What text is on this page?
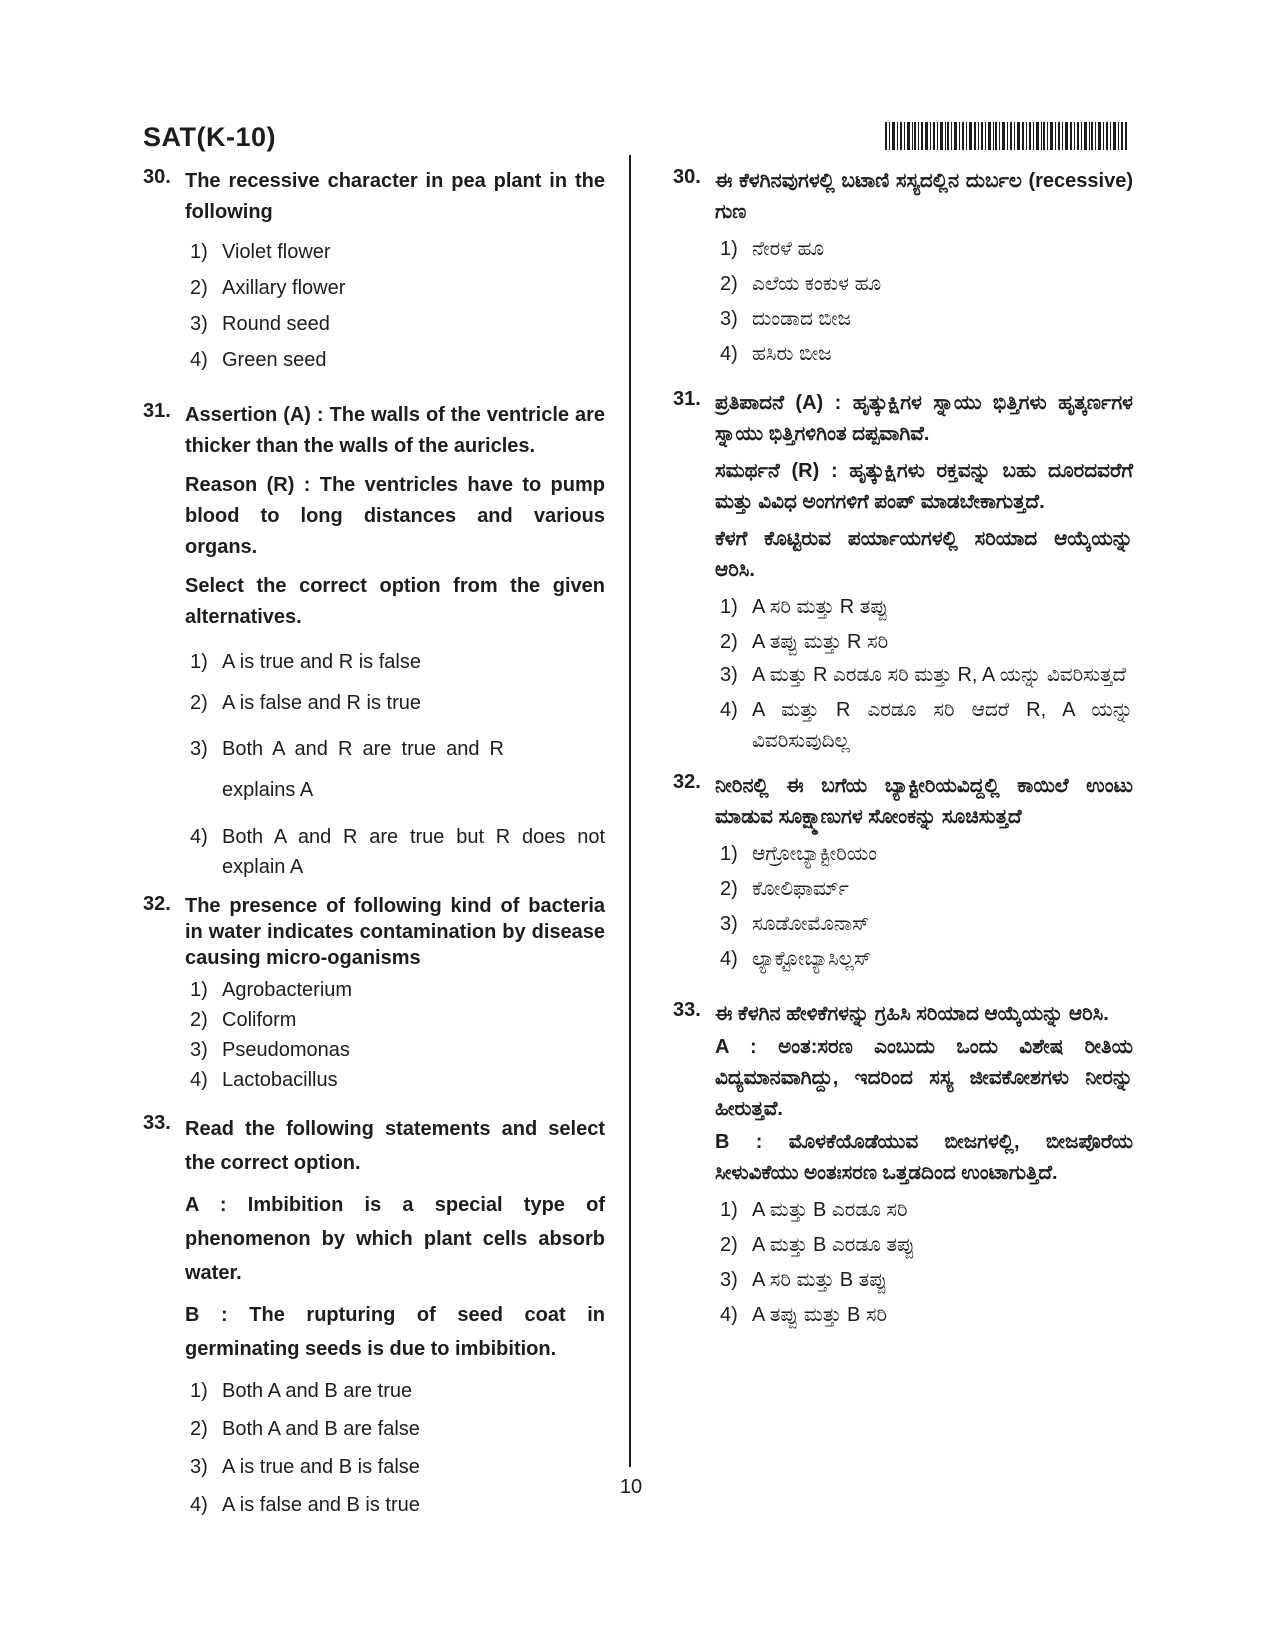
SAT(K-10)
30. The recessive character in pea plant in the following
1) Violet flower
2) Axillary flower
3) Round seed
4) Green seed
31. Assertion (A) : The walls of the ventricle are thicker than the walls of the auricles.
Reason (R) : The ventricles have to pump blood to long distances and various organs.
Select the correct option from the given alternatives.
1) A is true and R is false
2) A is false and R is true
3) Both A and R are true and R explains A
4) Both A and R are true but R does not explain A
32. The presence of following kind of bacteria in water indicates contamination by disease causing micro-oganisms
1) Agrobacterium
2) Coliform
3) Pseudomonas
4) Lactobacillus
33. Read the following statements and select the correct option.
A : Imbibition is a special type of phenomenon by which plant cells absorb water.
B : The rupturing of seed coat in germinating seeds is due to imbibition.
1) Both A and B are true
2) Both A and B are false
3) A is true and B is false
4) A is false and B is true
30. ಈ ಕೆಳಗಿನವುಗಳಲ್ಲಿ ಬಟಾಣಿ ಸಸ್ಯದಲ್ಲಿನ ದುರ್ಬಲ (recessive) ಗುಣ
1) ನೇರಳೆ ಹೂ
2) ಎಲೆಯ ಕಂಕುಳ ಹೂ
3) ದುಂಡಾದ ಬೀಜ
4) ಹಸಿರು ಬೀಜ
31. ಪ್ರತಿಪಾದನೆ (A) : ಹೃತ್ಕುಕ್ಷಿಗಳ ಸ್ನಾಯು ಭಿತ್ತಿಗಳು ಹೃತ್ಕರ್ಣಗಳ ಸ್ನಾಯು ಭಿತ್ತಿಗಳಿಗಿಂತ ದಪ್ಪವಾಗಿವೆ.
ಸಮರ್ಥನೆ (R) : ಹೃತ್ಕುಕ್ಷಿಗಳು ರಕ್ತವನ್ನು ಬಹು ದೂರದವರೆಗೆ ಮತ್ತು ವಿವಿಧ ಅಂಗಗಳಿಗೆ ಪಂಪ್ ಮಾಡಬೇಕಾಗುತ್ತದೆ.
ಕೆಳಗೆ ಕೊಟ್ಟಿರುವ ಪರ್ಯಾಯಗಳಲ್ಲಿ ಸರಿಯಾದ ಆಯ್ಕೆಯನ್ನು ಆರಿಸಿ.
1) A ಸರಿ ಮತ್ತು R ತಪ್ಪು
2) A ತಪ್ಪು ಮತ್ತು R ಸರಿ
3) A ಮತ್ತು R ಎರಡೂ ಸರಿ ಮತ್ತು R, A ಯನ್ನು ವಿವರಿಸುತ್ತದೆ
4) A ಮತ್ತು R ಎರಡೂ ಸರಿ ಆದರೆ R, A ಯನ್ನು ವಿವರಿಸುವುದಿಲ್ಲ
32. ನೀರಿನಲ್ಲಿ ಈ ಬಗೆಯ ಬ್ಯಾಕ್ಟೀರಿಯವಿದ್ದಲ್ಲಿ ಕಾಯಿಲೆ ಉಂಟು ಮಾಡುವ ಸೂಕ್ಷ್ಮಾಣುಗಳ ಸೋಂಕನ್ನು ಸೂಚಿಸುತ್ತದೆ
1) ಆಗ್ರೋಬ್ಯಾಕ್ಟೀರಿಯಂ
2) ಕೋಲಿಫಾರ್ಮ್
3) ಸೂಡೋಮೊನಾಸ್
4) ಲ್ಯಾಕ್ಟೋಬ್ಯಾಸಿಲ್ಲಸ್
33. ಈ ಕೆಳಗಿನ ಹೇಳಿಕೆಗಳನ್ನು ಗ್ರಹಿಸಿ ಸರಿಯಾದ ಆಯ್ಕೆಯನ್ನು ಆರಿಸಿ.
A : ಅಂತ:ಸರಣ ಎಂಬುದು ಒಂದು ವಿಶೇಷ ರೀತಿಯ ವಿದ್ಯಮಾನವಾಗಿದ್ದು, ಇದರಿಂದ ಸಸ್ಯ ಜೀವಕೋಶಗಳು ನೀರನ್ನು ಹೀರುತ್ತವೆ.
B : ಮೊಳಕೆಯೊಡೆಯುವ ಬೀಜಗಳಲ್ಲಿ, ಬೀಜಪೊರೆಯ ಸೀಳುವಿಕೆಯು ಅಂತಃಸರಣ ಒತ್ತಡದಿಂದ ಉಂಟಾಗುತ್ತಿದೆ.
1) A ಮತ್ತು B ಎರಡೂ ಸರಿ
2) A ಮತ್ತು B ಎರಡೂ ತಪ್ಪು
3) A ಸರಿ ಮತ್ತು B ತಪ್ಪು
4) A ತಪ್ಪು ಮತ್ತು B ಸರಿ
10
